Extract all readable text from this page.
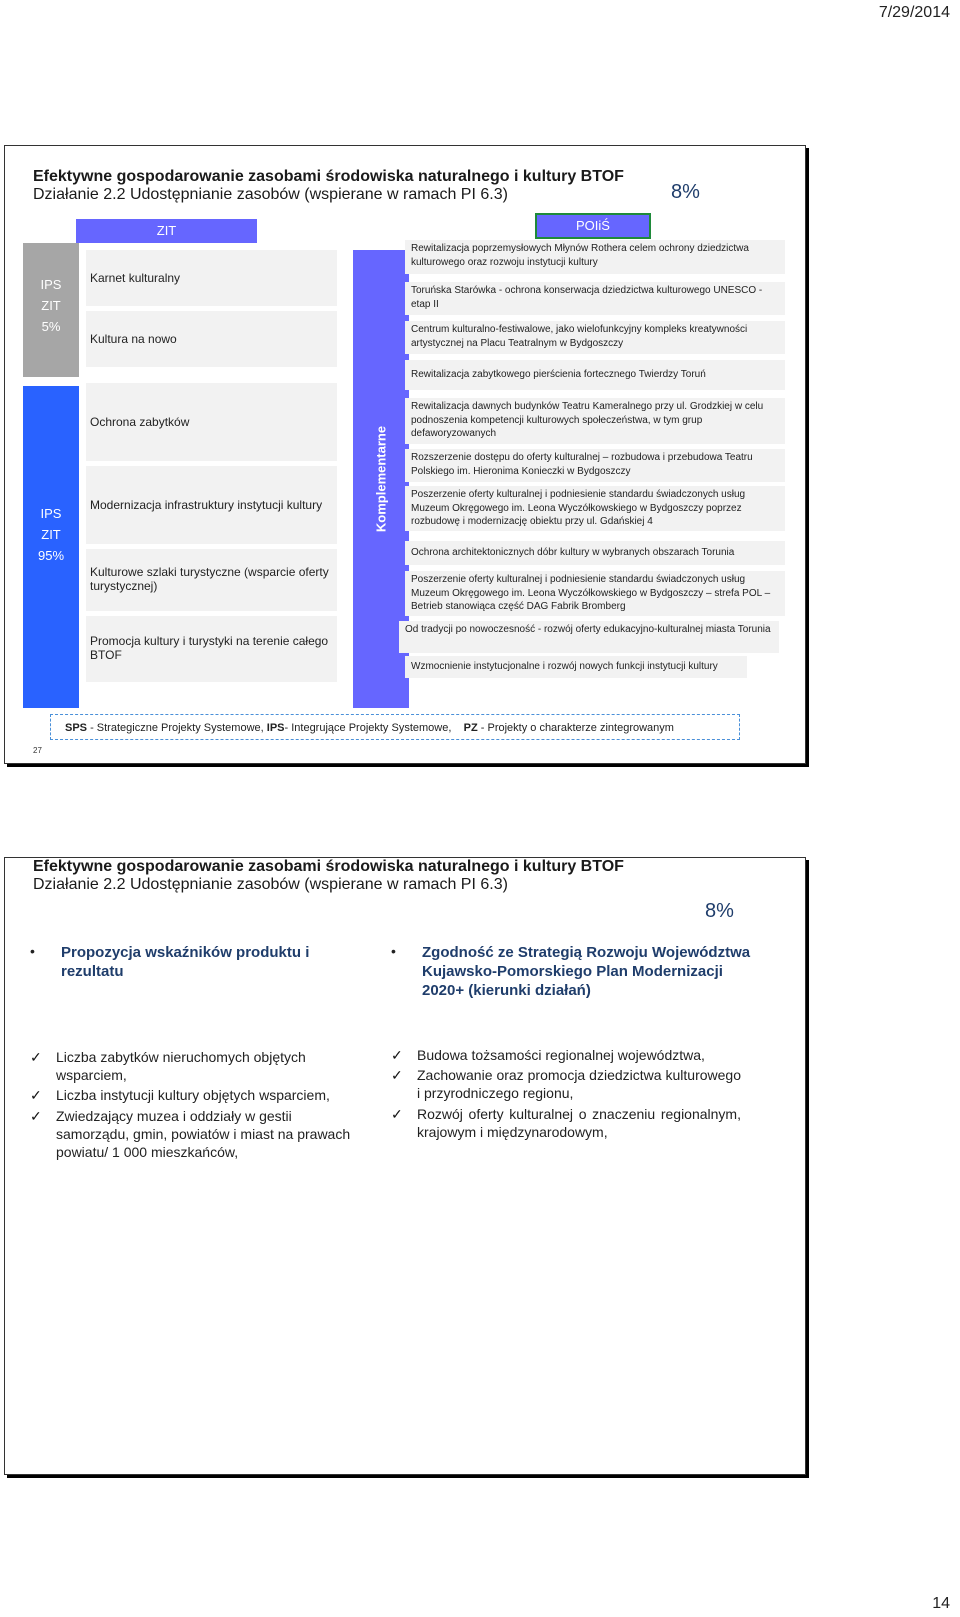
7/29/2014
Efektywne gospodarowanie zasobami środowiska naturalnego i kultury BTOF
Działanie 2.2 Udostępnianie zasobów (wspierane w ramach PI 6.3)	8%
ZIT	POIiŚ
IPS
ZIT
5%
IPS
ZIT
95%
Komplementarne
Karnet kulturalny
Kultura na nowo
Ochrona zabytków
Modernizacja infrastruktury instytucji kultury
Kulturowe szlaki turystyczne (wsparcie oferty turystycznej)
Promocja kultury i turystyki na terenie całego BTOF
Rewitalizacja poprzemysłowych Młynów Rothera celem ochrony dziedzictwa kulturowego oraz rozwoju instytucji kultury
Toruńska Starówka - ochrona konserwacja dziedzictwa kulturowego UNESCO - etap II
Centrum kulturalno-festiwalowe, jako wielofunkcyjny kompleks kreatywności artystycznej na Placu Teatralnym w Bydgoszczy
Rewitalizacja zabytkowego pierścienia fortecznego Twierdzy Toruń
Rewitalizacja dawnych budynków Teatru Kameralnego przy ul. Grodzkiej w celu podnoszenia kompetencji kulturowych społeczeństwa, w tym grup defaworyzowanych
Rozszerzenie dostępu do oferty kulturalnej – rozbudowa i przebudowa Teatru Polskiego im. Hieronima Konieczki w Bydgoszczy
Poszerzenie oferty kulturalnej i podniesienie standardu świadczonych usług Muzeum Okręgowego im. Leona Wyczółkowskiego w Bydgoszczy poprzez rozbudowę i modernizację obiektu przy ul. Gdańskiej 4
Ochrona architektonicznych dóbr kultury w wybranych obszarach Torunia
Poszerzenie oferty kulturalnej i podniesienie standardu świadczonych usług Muzeum Okręgowego im. Leona Wyczółkowskiego w Bydgoszczy – strefa POL – Betrieb stanowiąca część DAG Fabrik Bromberg
Od tradycji po nowoczesność - rozwój oferty edukacyjno-kulturalnej miasta Torunia
Wzmocnienie instytucjonalne i rozwój nowych funkcji instytucji kultury
SPS - Strategiczne Projekty Systemowe, IPS- Integrujące Projekty Systemowe, PZ - Projekty o charakterze zintegrowanym
27
Efektywne gospodarowanie zasobami środowiska naturalnego i kultury BTOF
Działanie 2.2 Udostępnianie zasobów (wspierane w ramach PI 6.3)
8%
• Propozycja wskaźników produktu i rezultatu
• Zgodność ze Strategią Rozwoju Województwa Kujawsko-Pomorskiego Plan Modernizacji 2020+ (kierunki działań)
✓	Liczba zabytków nieruchomych objętych wsparciem,
✓	Liczba instytucji kultury objętych wsparciem,
✓	Zwiedzający muzea i oddziały w gestii samorządu, gmin, powiatów i miast na prawach powiatu/ 1 000 mieszkańców,
✓	Budowa tożsamości regionalnej województwa,
✓	Zachowanie oraz promocja dziedzictwa kulturowego i przyrodniczego regionu,
✓	Rozwój oferty kulturalnej o znaczeniu regionalnym, krajowym i międzynarodowym,
14
